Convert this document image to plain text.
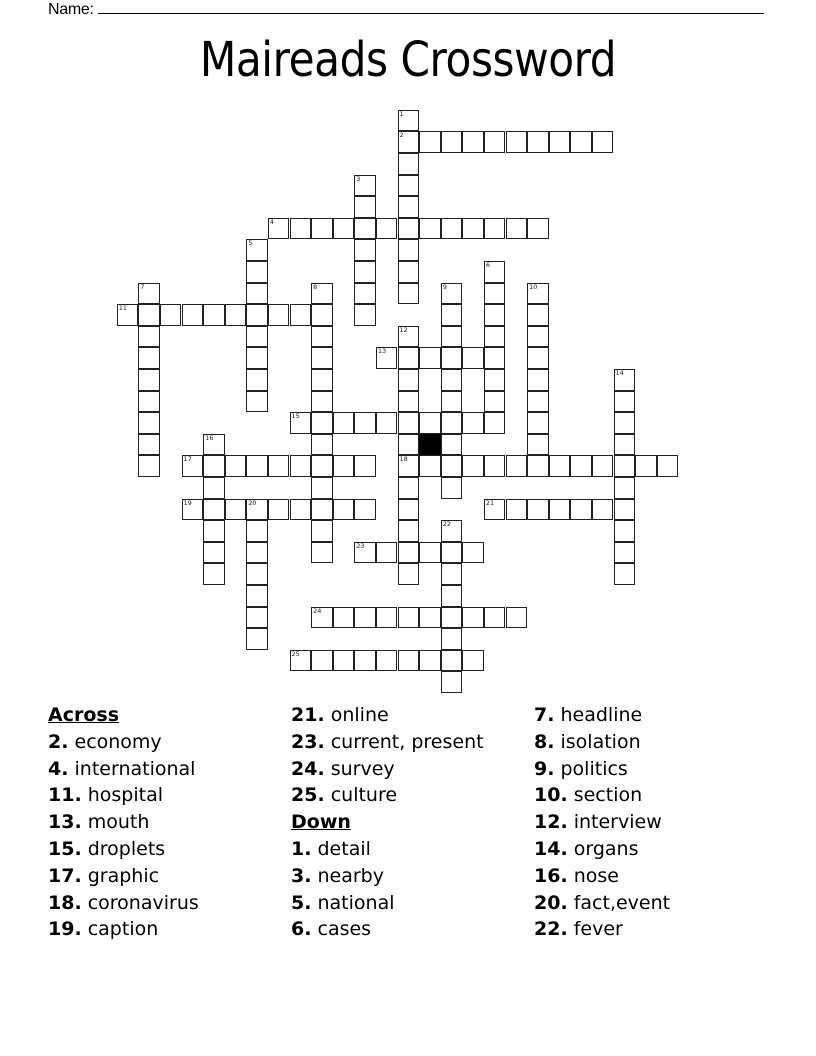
Name:
Maireads Crossword
1
2
3
4
5
6
7	8	9	10
11
12
18
13
14
15
16
17
19	20	21
22
23
24
25
Across
2. economy
4. international
11. hospital
13. mouth
15. droplets
17. graphic
18. coronavirus
19. caption
21. online
23. current, present
24. survey
25. culture
Down
1. detail
3. nearby
5. national
6. cases
7. headline
8. isolation
9. politics
10. section
12. interview
14. organs
16. nose
20. fact,event
22. fever
